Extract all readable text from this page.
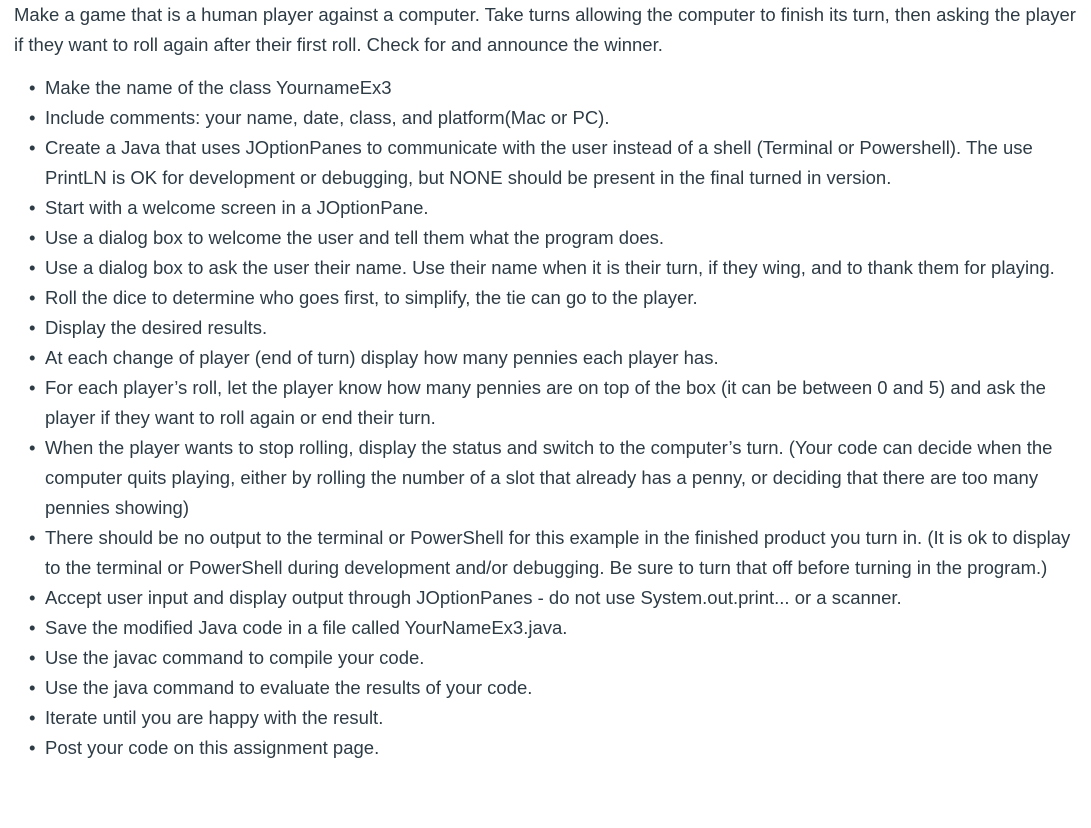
Make a game that is a human player against a computer. Take turns allowing the computer to finish its turn, then asking the player if they want to roll again after their first roll. Check for and announce the winner.

• Make the name of the class YournameEx3
• Include comments: your name, date, class, and platform(Mac or PC).
• Create a Java that uses JOptionPanes to communicate with the user instead of a shell (Terminal or Powershell). The use PrintLN is OK for development or debugging, but NONE should be present in the final turned in version.
• Start with a welcome screen in a JOptionPane.
• Use a dialog box to welcome the user and tell them what the program does.
• Use a dialog box to ask the user their name. Use their name when it is their turn, if they wing, and to thank them for playing.
• Roll the dice to determine who goes first, to simplify, the tie can go to the player.
• Display the desired results.
• At each change of player (end of turn) display how many pennies each player has.
• For each player’s roll, let the player know how many pennies are on top of the box (it can be between 0 and 5) and ask the player if they want to roll again or end their turn.
• When the player wants to stop rolling, display the status and switch to the computer’s turn. (Your code can decide when the computer quits playing, either by rolling the number of a slot that already has a penny, or deciding that there are too many pennies showing)
• There should be no output to the terminal or PowerShell for this example in the finished product you turn in. (It is ok to display to the terminal or PowerShell during development and/or debugging. Be sure to turn that off before turning in the program.)
• Accept user input and display output through JOptionPanes - do not use System.out.print... or a scanner.
• Save the modified Java code in a file called YourNameEx3.java.
• Use the javac command to compile your code.
• Use the java command to evaluate the results of your code.
• Iterate until you are happy with the result.
• Post your code on this assignment page.
